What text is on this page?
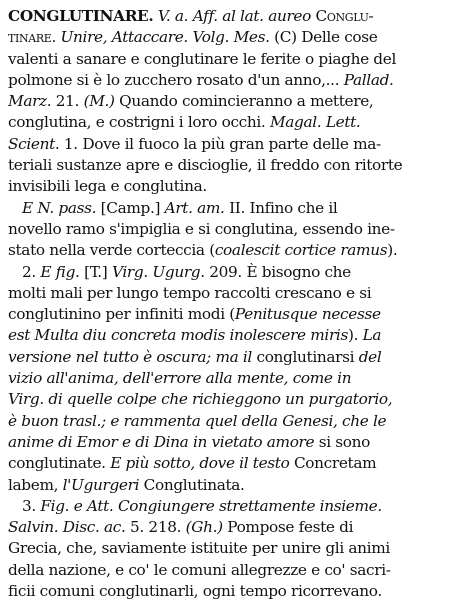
CONGLUTINARE. V. a. Aff. al lat. aureo Conglu-
tinare. Unire, Attaccare. Volg. Mes. (C) Delle cose
valenti a sanare e conglutinare le ferite o piaghe del
polmone si è lo zucchero rosato d'un anno,... Pallad.
Marz. 21. (M.) Quando comincieranno a mettere,
conglutina, e costrigni i loro occhi. Magal. Lett.
Scient. 1. Dove il fuoco la più gran parte delle ma-
teriali sustanze apre e discioglie, il freddo con ritorte
invisibili lega e conglutina.
E N. pass. [Camp.] Art. am. II. Infino che il
novello ramo s'impiglia e si conglutina, essendo ine-
stato nella verde corteccia (coalescit cortice ramus).
2. E fig. [T.] Virg. Ugurg. 209. È bisogno che
molti mali per lungo tempo raccolti crescano e si
conglutinino per infiniti modi (Penitusque necesse
est Multa diu concreta modis inolescere miris). La
versione nel tutto è oscura; ma il conglutinarsi del
vizio all'anima, dell'errore alla mente, come in
Virg. di quelle colpe che richieggono un purgatorio,
è buon trasl.; e rammenta quel della Genesi, che le
anime di Emor e di Dina in vietato amore si sono
conglutinate. E più sotto, dove il testo Concretam
labem, l'Ugurgeri Conglutinata.
3. Fig. e Att. Congiungere strettamente insieme.
Salvin. Disc. ac. 5. 218. (Gh.) Pompose feste di
Grecia, che, saviamente istituite per unire gli animi
della nazione, e co' le comuni allegrezze e co' sacri-
ficii comuni conglutinarli, ogni tempo ricorrevano.
